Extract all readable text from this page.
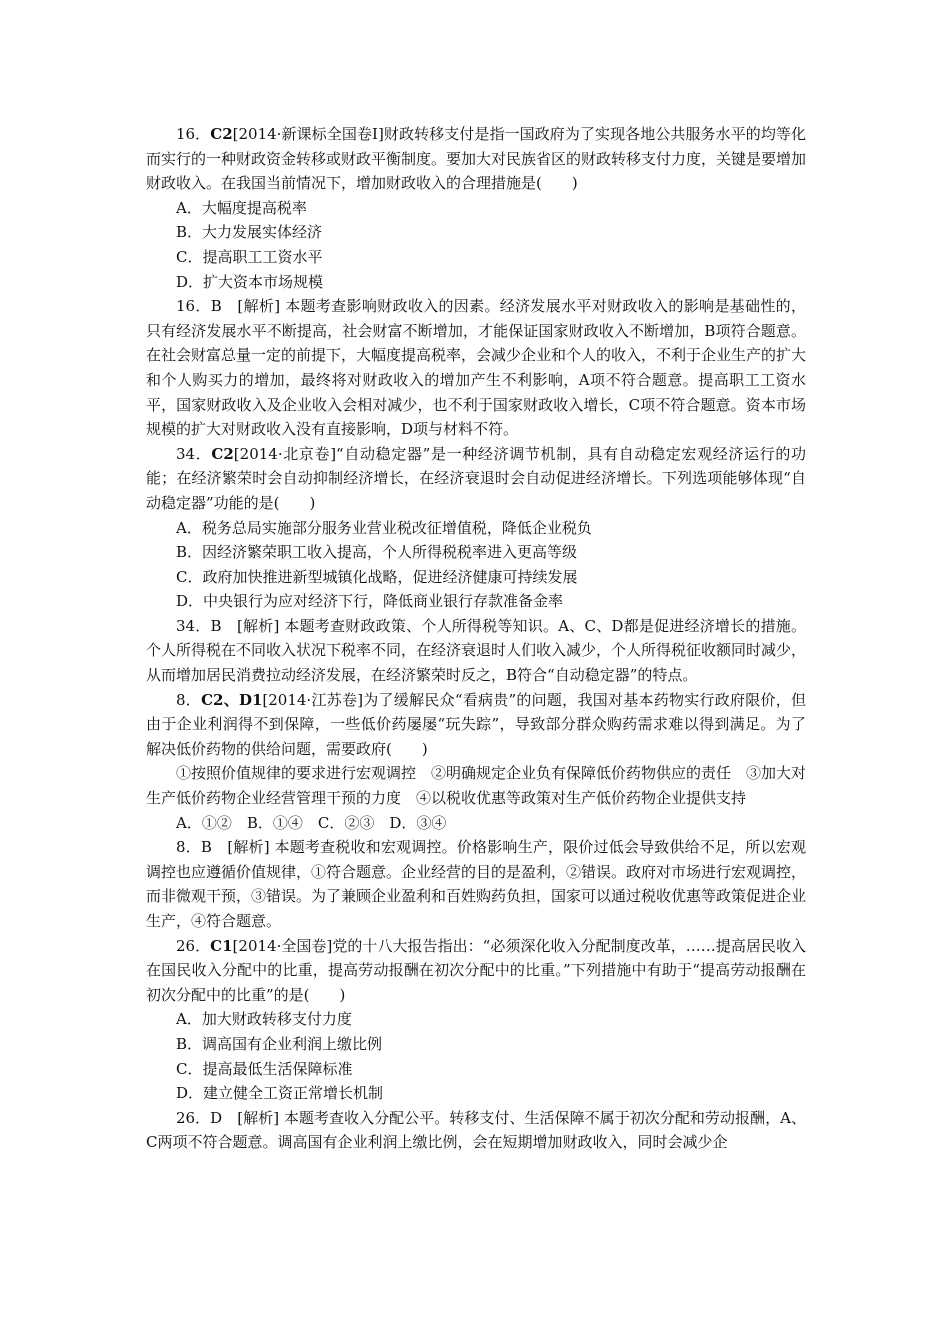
16．C2[2014·新课标全国卷Ⅰ]财政转移支付是指一国政府为了实现各地公共服务水平的均等化而实行的一种财政资金转移或财政平衡制度。要加大对民族省区的财政转移支付力度，关键是要增加财政收入。在我国当前情况下，增加财政收入的合理措施是(　　)

A．大幅度提高税率

B．大力发展实体经济

C．提高职工工资水平

D．扩大资本市场规模

16．B　[解析] 本题考查影响财政收入的因素。经济发展水平对财政收入的影响是基础性的，只有经济发展水平不断提高，社会财富不断增加，才能保证国家财政收入不断增加，B项符合题意。在社会财富总量一定的前提下，大幅度提高税率，会减少企业和个人的收入，不利于企业生产的扩大和个人购买力的增加，最终将对财政收入的增加产生不利影响，A项不符合题意。提高职工工资水平，国家财政收入及企业收入会相对减少，也不利于国家财政收入增长，C项不符合题意。资本市场规模的扩大对财政收入没有直接影响，D项与材料不符。

34．C2[2014·北京卷]“自动稳定器”是一种经济调节机制，具有自动稳定宏观经济运行的功能；在经济繁荣时会自动抑制经济增长，在经济衰退时会自动促进经济增长。下列选项能够体现“自动稳定器”功能的是(　　)

A．税务总局实施部分服务业营业税改征增值税，降低企业税负

B．因经济繁荣职工收入提高，个人所得税税率进入更高等级

C．政府加快推进新型城镇化战略，促进经济健康可持续发展

D．中央银行为应对经济下行，降低商业银行存款准备金率

34．B　[解析] 本题考查财政政策、个人所得税等知识。A、C、D都是促进经济增长的措施。个人所得税在不同收入状况下税率不同，在经济衰退时人们收入减少，个人所得税征收额同时减少，从而增加居民消费拉动经济发展，在经济繁荣时反之，B符合“自动稳定器”的特点。

8．C2、D1[2014·江苏卷]为了缓解民众“看病贵”的问题，我国对基本药物实行政府限价，但由于企业利润得不到保障，一些低价药屡屡“玩失踪”，导致部分群众购药需求难以得到满足。为了解决低价药物的供给问题，需要政府(　　)

①按照价值规律的要求进行宏观调控　②明确规定企业负有保障低价药物供应的责任　③加大对生产低价药物企业经营管理干预的力度　④以税收优惠等政策对生产低价药物企业提供支持

A．①②　B．①④　C．②③　D．③④

8．B　[解析] 本题考查税收和宏观调控。价格影响生产，限价过低会导致供给不足，所以宏观调控也应遵循价值规律，①符合题意。企业经营的目的是盈利，②错误。政府对市场进行宏观调控，而非微观干预，③错误。为了兼顾企业盈利和百姓购药负担，国家可以通过税收优惠等政策促进企业生产，④符合题意。

26．C1[2014·全国卷]党的十八大报告指出：“必须深化收入分配制度改革，……提高居民收入在国民收入分配中的比重，提高劳动报酬在初次分配中的比重。”下列措施中有助于“提高劳动报酬在初次分配中的比重”的是(　　)

A．加大财政转移支付力度

B．调高国有企业利润上缴比例

C．提高最低生活保障标准

D．建立健全工资正常增长机制

26．D　[解析] 本题考查收入分配公平。转移支付、生活保障不属于初次分配和劳动报酬，A、C两项不符合题意。调高国有企业利润上缴比例，会在短期增加财政收入，同时会减少企
